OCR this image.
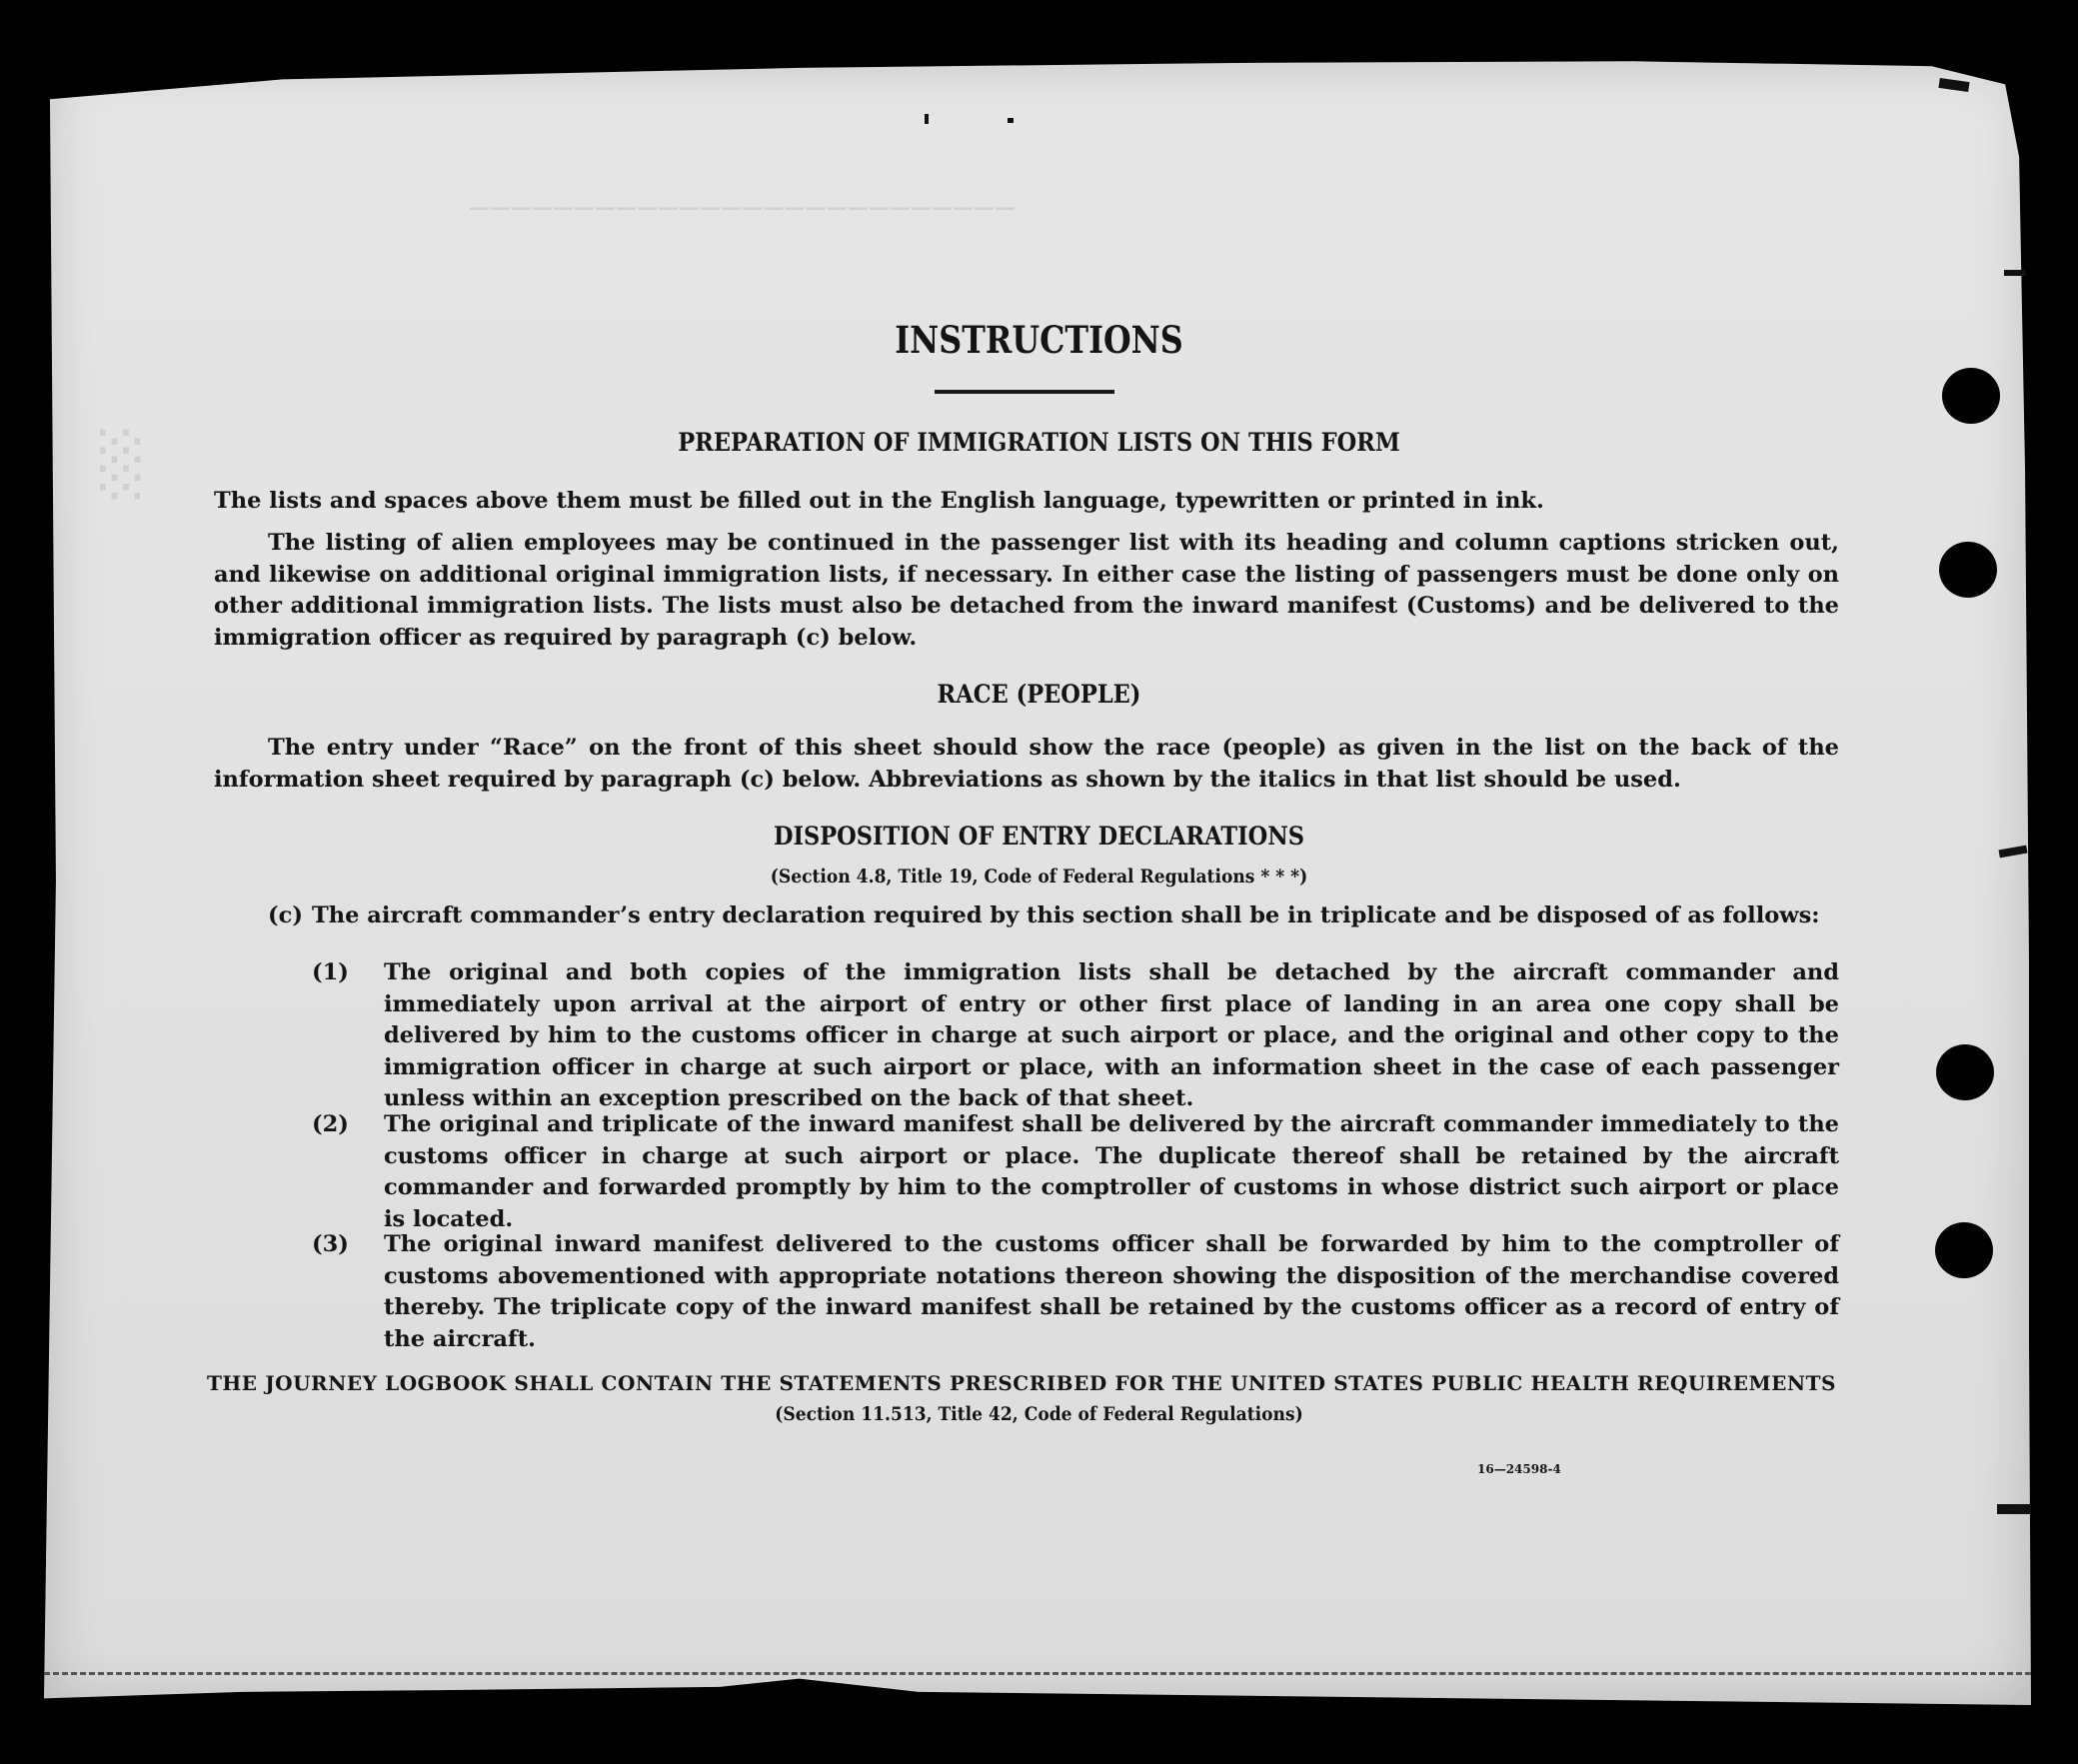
──────────────────────────
░
INSTRUCTIONS
PREPARATION OF IMMIGRATION LISTS ON THIS FORM
The lists and spaces above them must be filled out in the English language, typewritten or printed in ink.
The listing of alien employees may be continued in the passenger list with its heading and column captions stricken out, and likewise on additional original immigration lists, if necessary. In either case the listing of passengers must be done only on other additional immigration lists. The lists must also be detached from the inward manifest (Customs) and be delivered to the immigration officer as required by paragraph (c) below.
RACE (PEOPLE)
The entry under “Race” on the front of this sheet should show the race (people) as given in the list on the back of the information sheet required by paragraph (c) below. Abbreviations as shown by the italics in that list should be used.
DISPOSITION OF ENTRY DECLARATIONS
(Section 4.8, Title 19, Code of Federal Regulations * * *)
(c) The aircraft commander’s entry declaration required by this section shall be in triplicate and be disposed of as follows:
(1) The original and both copies of the immigration lists shall be detached by the aircraft commander and immediately upon arrival at the airport of entry or other first place of landing in an area one copy shall be delivered by him to the customs officer in charge at such airport or place, and the original and other copy to the immigration officer in charge at such airport or place, with an information sheet in the case of each passenger unless within an exception prescribed on the back of that sheet.
(2) The original and triplicate of the inward manifest shall be delivered by the aircraft commander immediately to the customs officer in charge at such airport or place. The duplicate thereof shall be retained by the aircraft commander and forwarded promptly by him to the comptroller of customs in whose district such airport or place is located.
(3) The original inward manifest delivered to the customs officer shall be forwarded by him to the comptroller of customs abovementioned with appropriate notations thereon showing the disposition of the merchandise covered thereby. The triplicate copy of the inward manifest shall be retained by the customs officer as a record of entry of the aircraft.
THE JOURNEY LOGBOOK SHALL CONTAIN THE STATEMENTS PRESCRIBED FOR THE UNITED STATES PUBLIC HEALTH REQUIREMENTS
(Section 11.513, Title 42, Code of Federal Regulations)
16—24598-4
